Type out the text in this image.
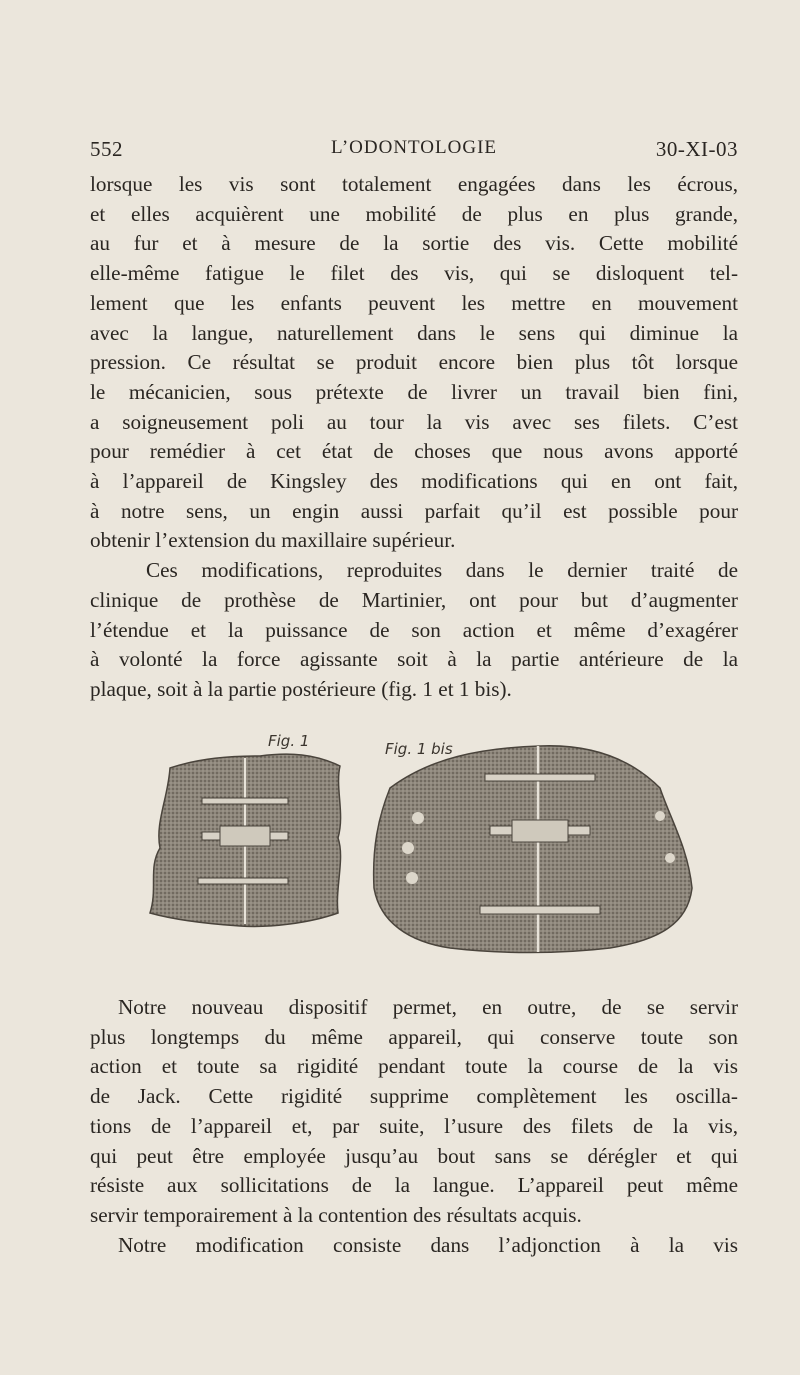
552	L’ODONTOLOGIE	30-XI-03

lorsque les vis sont totalement engagées dans les écrous,
et elles acquièrent une mobilité de plus en plus grande,
au fur et à mesure de la sortie des vis. Cette mobilité
elle-même fatigue le filet des vis, qui se disloquent tel-
lement que les enfants peuvent les mettre en mouvement
avec la langue, naturellement dans le sens qui diminue la
pression. Ce résultat se produit encore bien plus tôt lorsque
le mécanicien, sous prétexte de livrer un travail bien fini,
a soigneusement poli au tour la vis avec ses filets. C’est
pour remédier à cet état de choses que nous avons apporté
à l’appareil de Kingsley des modifications qui en ont fait,
à notre sens, un engin aussi parfait qu’il est possible pour
obtenir l’extension du maxillaire supérieur.

Ces modifications, reproduites dans le dernier traité de
clinique de prothèse de Martinier, ont pour but d’augmenter
l’étendue et la puissance de son action et même d’exagérer
à volonté la force agissante soit à la partie antérieure de la
plaque, soit à la partie postérieure (fig. 1 et 1 bis).

Fig. 1	Fig. 1 bis

Notre nouveau dispositif permet, en outre, de se servir
plus longtemps du même appareil, qui conserve toute son
action et toute sa rigidité pendant toute la course de la vis
de Jack. Cette rigidité supprime complètement les oscilla-
tions de l’appareil et, par suite, l’usure des filets de la vis,
qui peut être employée jusqu’au bout sans se dérégler et qui
résiste aux sollicitations de la langue. L’appareil peut même
servir temporairement à la contention des résultats acquis.

Notre modification consiste dans l’adjonction à la vis
